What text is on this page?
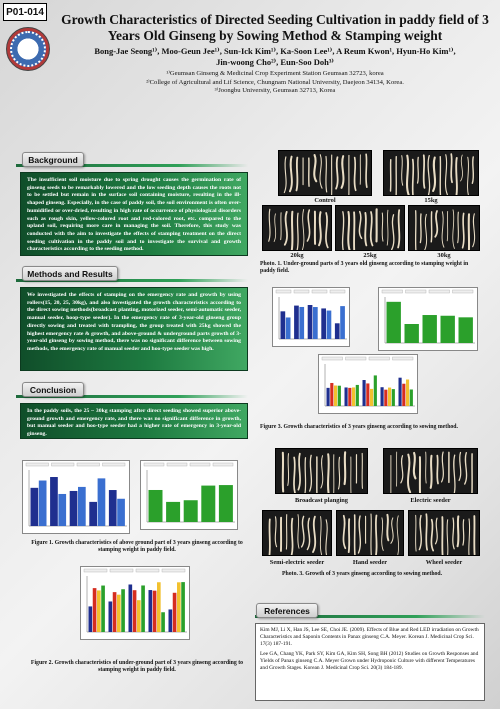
P01-014 Growth Characteristics of Directed Seeding Cultivation in paddy field of 3 Years Old Ginseng by Sowing Method & Stamping weight
Bong-Jae Seong¹⁾, Moo-Geun Jee¹⁾, Sun-Ick Kim¹⁾, Ka-Soon Lee¹⁾, A Reum Kwon¹, Hyun-Ho Kim¹⁾,
Jin-woong Cho²⁾, Eun-Soo Doh³⁾
¹⁾Geumsan Ginseng & Medicinal Crop Experiment Station Geumsan 32723, korea
²⁾College of Agricultural and Lif Science, Chungnam National University, Daejeon 34134, Korea.
³⁾Joongbu University, Geumsan 32713, Korea
Background
The insufficient soil moisture due to spring drought causes the germination rate of ginseng seeds to be remarkably lowered and the low seeding depth causes the roots not to be settled but remain in the surface soil containing moisture, resulting in the ill-shaped ginseng. Especially, in the case of paddy soil, the soil environment is often over-humidified or over-dried, resulting in high rate of occurrence of physiological disorders such as rough skin, yellow-colored root and red-colored root, etc. compared to the upland soil, requiring more care in managing the soil. Therefore, this study was conducted with the aim to investigate the effects of stamping treatment on the direct seeding cultivation in the paddy soil and to investigate the survival and growth characteristics according to the seeding method.
Methods and Results
We investigated the effects of stamping on the emergency rate and growth by using rollers(15, 20, 25, 30kg), and also investigated the growth characteristics according to the direct sowing methods(broadcast planting, motorized seeder, semi-automatic seeder, manual seeder, hoop-type seeder). In the emergency rate of 3-year-old ginseng group directly sowing and treated with trampling, the group treated with 25kg showed the highest emergency rate & growth, and above-ground & underground parts growth of 3-year-old ginseng by sowing method, there was no significant difference between sowing methods, the emergency rate of manual seeder and hoo-type seeder was high.
Conclusion
In the paddy soils, the 25 ~ 30kg stamping after direct seeding showed superior above-ground growth and emergency rate, and there was no significant difference in growth, but manual seeder and hoo-type seeder had a higher rate of emergency in 3-year-old ginseng.
Control	15kg
20kg	25kg	30kg
Photo. 1. Under-ground parts of 3 years old ginseng according to stamping weight in paddy field.
Figure 3. Growth characteristics of 3 years ginseng according to sowing method.
Figure 1. Growth characteristics of above ground part of 3 years ginseng according to stamping weight in paddy field.
Figure 2. Growth characteristics of under-ground part of 3 years ginseng according to stamping weight in paddy field.
Broadcast planging	Electric seeder
Semi-electric seeder	Hand seeder	Wheel seeder
Photo. 3. Growth of 3 years ginseng according to sowing method.
References

Kim MJ, Li X, Han JS, Lee SE, Choi JE. (2009). Effects of Blue and Red LED irradiation on Growth Characteristics and Saponin Contents in Panax ginseng C.A. Meyer. Korean J. Medicinal Crop Sci. 17(3) 187-191.

Lee GA, Chang YK, Park SY, Kim GA, Kim SH, Song BH (2012) Studies on Growth Responses and Yields of Panax ginseng C.A. Meyer Grown under Hydroponic Culture with different Temperatures and Growth Stages. Korean J. Medicinal Crop Sci. 20(3) 184-189.
